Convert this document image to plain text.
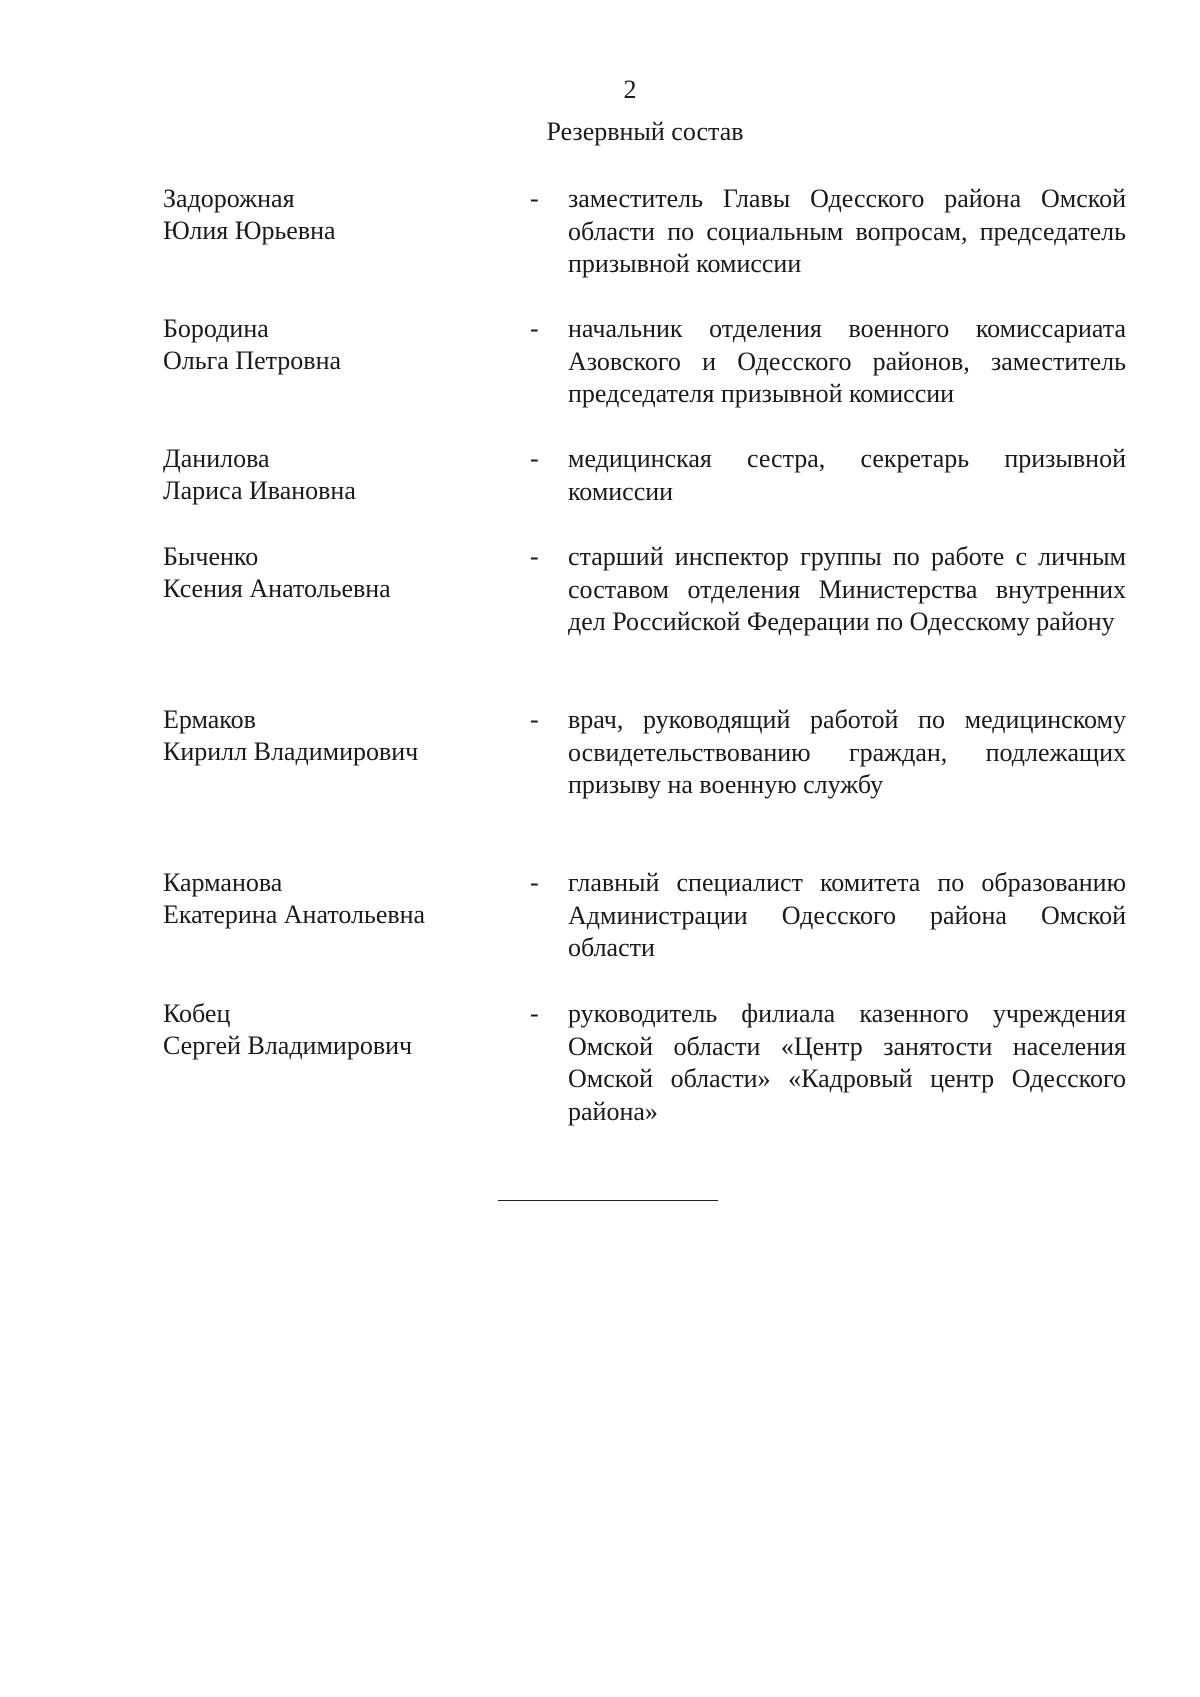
2
Резервный состав
Задорожная
Юлия Юрьевна
- заместитель Главы Одесского района Омской области по социальным вопросам, председатель призывной комиссии
Бородина
Ольга Петровна
- начальник отделения военного комиссариата Азовского и Одесского районов, заместитель председателя призывной комиссии
Данилова
Лариса Ивановна
- медицинская сестра, секретарь призывной комиссии
Быченко
Ксения Анатольевна
- старший инспектор группы по работе с личным составом отделения Министерства внутренних дел Российской Федерации по Одесскому району
Ермаков
Кирилл Владимирович
- врач, руководящий работой по медицинскому освидетельствованию граждан, подлежащих призыву на военную службу
Карманова
Екатерина Анатольевна
- главный специалист комитета по образованию Администрации Одесского района Омской области
Кобец
Сергей Владимирович
- руководитель филиала казенного учреждения Омской области «Центр занятости населения Омской области» «Кадровый центр Одесского района»
